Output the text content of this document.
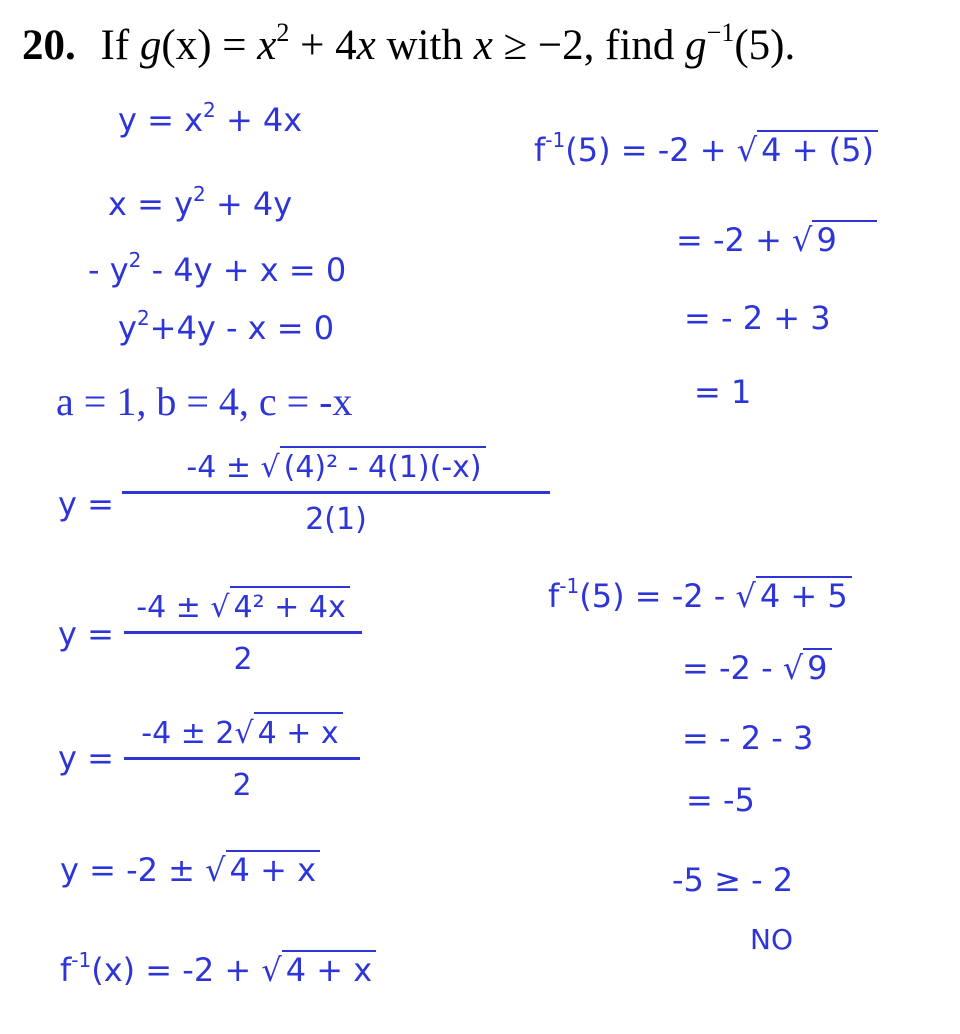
20. If $g(x) = x^2 + 4x$ with x ≥ −2, find $g^{-1}(5)$.
$y = x^2 + 4x$
$x = y^2 + 4y$
- $y^2 - 4y + x = 0$
$y^2+4y - x = 0$
a = 1, b = 4, c = -x
y =
-4 ± √ (4)² - 4(1)(-x)
2(1)
y =
-4 ± √ 4² + 4x
2
y =
-4 ± 2√ 4 + x
2
y = -2 ± √ 4 + x
$f^{-1}(x) = -2$ + √ 4 + x
$f^{-1}(5) = -2$ + √ 4 + (5)
= -2 + √ 9
= - 2 + 3
= 1
$f^{-1}(5) = -2$ - √ 4 + 5
= -2 - √ 9
= - 2 - 3
= -5
-5 ≥ - 2
NO
